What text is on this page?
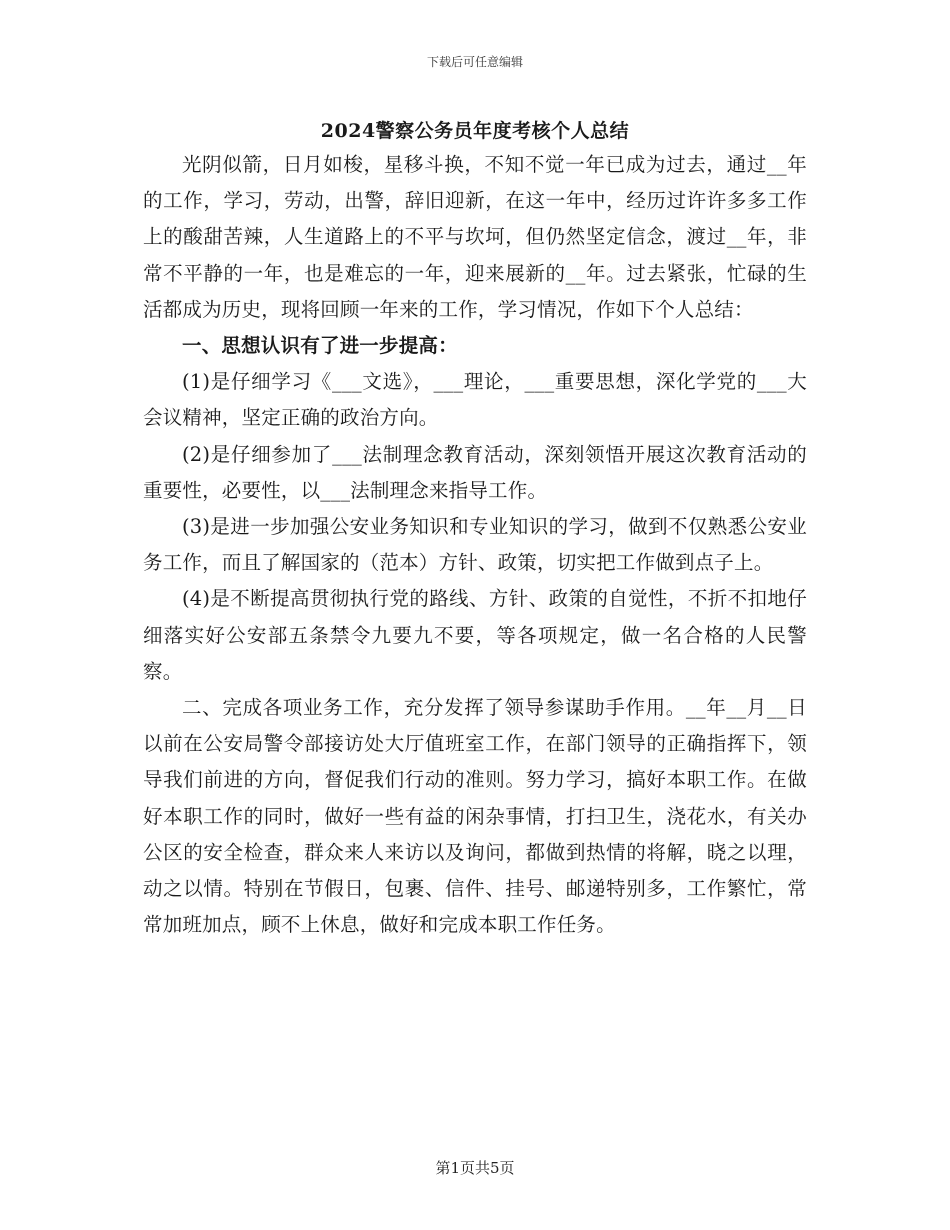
下载后可任意编辑
2024警察公务员年度考核个人总结

光阴似箭，日月如梭，星移斗换，不知不觉一年已成为过去，通过__年的工作，学习，劳动，出警，辞旧迎新，在这一年中，经历过许许多多工作上的酸甜苦辣，人生道路上的不平与坎坷，但仍然坚定信念，渡过__年，非常不平静的一年，也是难忘的一年，迎来展新的__年。过去紧张，忙碌的生活都成为历史，现将回顾一年来的工作，学习情况，作如下个人总结：

一、思想认识有了进一步提高：

(1)是仔细学习《___文选》，___理论，___重要思想，深化学党的___大会议精神，坚定正确的政治方向。

(2)是仔细参加了___法制理念教育活动，深刻领悟开展这次教育活动的重要性，必要性，以___法制理念来指导工作。

(3)是进一步加强公安业务知识和专业知识的学习，做到不仅熟悉公安业务工作，而且了解国家的（范本）方针、政策，切实把工作做到点子上。

(4)是不断提高贯彻执行党的路线、方针、政策的自觉性，不折不扣地仔细落实好公安部五条禁令九要九不要，等各项规定，做一名合格的人民警察。

二、完成各项业务工作，充分发挥了领导参谋助手作用。__年__月__日以前在公安局警令部接访处大厅值班室工作，在部门领导的正确指挥下，领导我们前进的方向，督促我们行动的准则。努力学习，搞好本职工作。在做好本职工作的同时，做好一些有益的闲杂事情，打扫卫生，浇花水，有关办公区的安全检查，群众来人来访以及询问，都做到热情的将解，晓之以理，动之以情。特别在节假日，包裹、信件、挂号、邮递特别多，工作繁忙，常常加班加点，顾不上休息，做好和完成本职工作任务。

第1页共5页
